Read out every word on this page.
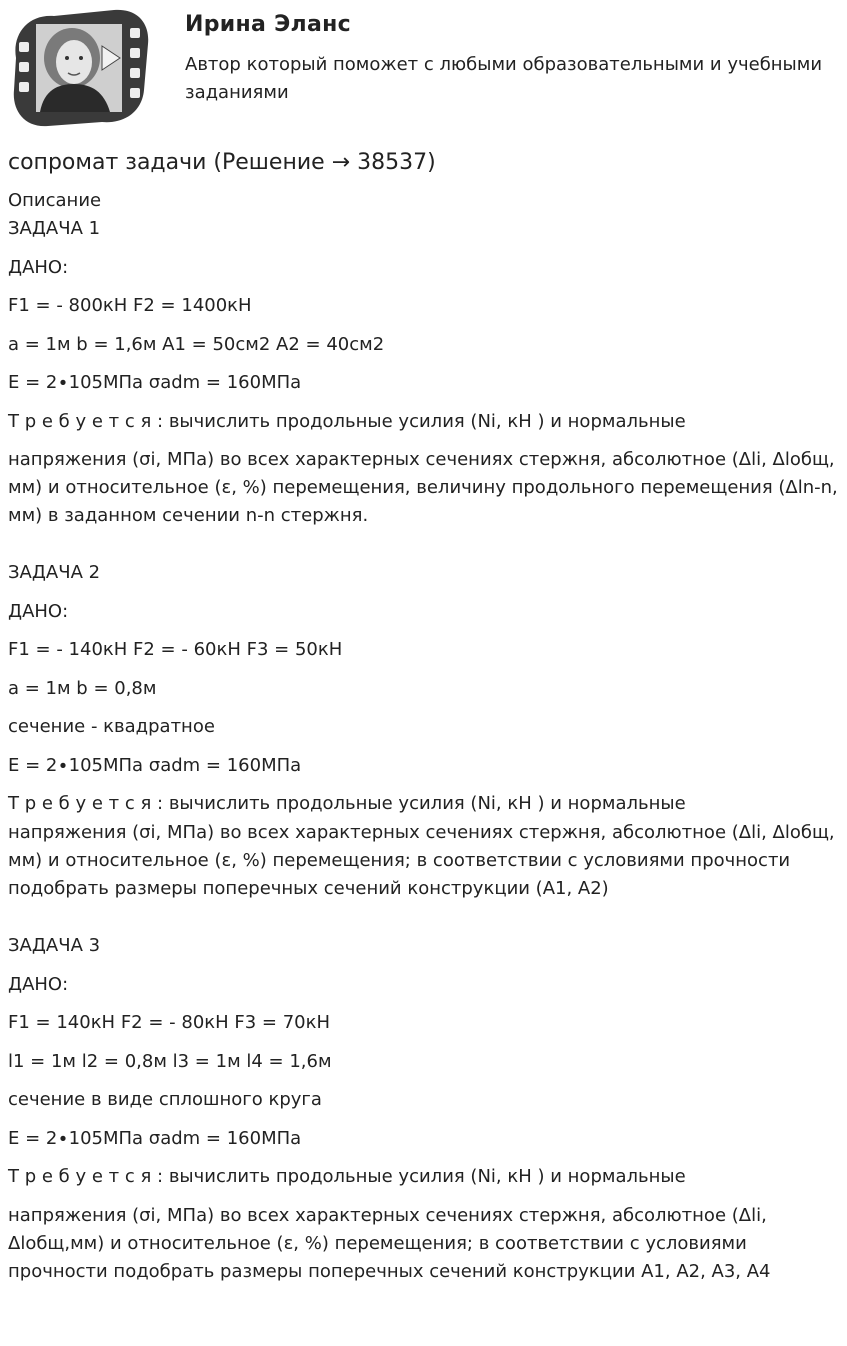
Ирина Эланс
Автор который поможет с любыми образовательными и учебными заданиями
сопромат задачи (Решение → 38537)
Описание
ЗАДАЧА 1
ДАНО:
F1 = - 800кН F2 = 1400кН
a = 1м b = 1,6м A1 = 50см2 A2 = 40см2
E = 2∙105МПа σadm = 160МПа
Т р е б у е т с я : вычислить продольные усилия (Ni, кН ) и нормальные
напряжения (σi, МПа) во всех характерных сечениях стержня, абсолютное (Δli, Δlобщ, мм) и относительное (ε, %) перемещения, величину продольного перемещения (Δln-n, мм) в заданном сечении n-n стержня.
ЗАДАЧА 2
ДАНО:
F1 = - 140кН F2 = - 60кН F3 = 50кН
a = 1м b = 0,8м
сечение - квадратное
E = 2∙105МПа σadm = 160МПа
Т р е б у е т с я : вычислить продольные усилия (Ni, кН ) и нормальные
напряжения (σi, МПа) во всех характерных сечениях стержня, абсолютное (Δli, Δlобщ, мм) и относительное (ε, %) перемещения; в соответствии с условиями прочности подобрать размеры поперечных сечений конструкции (А1, А2)
ЗАДАЧА 3
ДАНО:
F1 = 140кН F2 = - 80кН F3 = 70кН
l1 = 1м l2 = 0,8м l3 = 1м l4 = 1,6м
сечение в виде сплошного круга
E = 2∙105МПа σadm = 160МПа
Т р е б у е т с я : вычислить продольные усилия (Ni, кН ) и нормальные
напряжения (σi, МПа) во всех характерных сечениях стержня, абсолютное (Δli, Δlобщ,мм) и относительное (ε, %) перемещения; в соответствии с условиями прочности подобрать размеры поперечных сечений конструкции А1, А2, А3, А4
